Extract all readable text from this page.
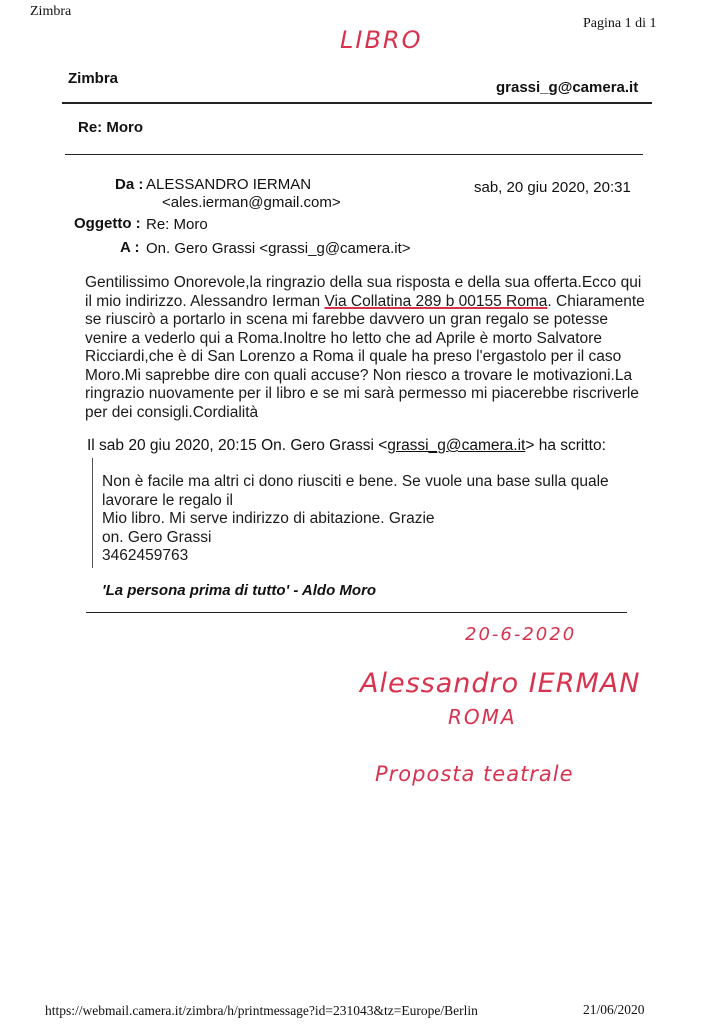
Zimbra
Pagina 1 di 1
LIBRO
Zimbra
grassi_g@camera.it
Re: Moro
Da : ALESSANDRO IERMAN
<ales.ierman@gmail.com>
sab, 20 giu 2020, 20:31
Oggetto : Re: Moro
A : On. Gero Grassi <grassi_g@camera.it>
Gentilissimo Onorevole,la ringrazio della sua risposta e della sua offerta.Ecco qui
il mio indirizzo. Alessandro Ierman Via Collatina 289 b 00155 Roma. Chiaramente
se riuscirò a portarlo in scena mi farebbe davvero un gran regalo se potesse
venire a vederlo qui a Roma.Inoltre ho letto che ad Aprile è morto Salvatore
Ricciardi,che è di San Lorenzo a Roma il quale ha preso l'ergastolo per il caso
Moro.Mi saprebbe dire con quali accuse? Non riesco a trovare le motivazioni.La
ringrazio nuovamente per il libro e se mi sarà permesso mi piacerebbe riscriverle
per dei consigli.Cordialità
Il sab 20 giu 2020, 20:15 On. Gero Grassi <grassi_g@camera.it> ha scritto:
Non è facile ma altri ci dono riusciti e bene. Se vuole una base sulla quale
lavorare le regalo il
Mio libro. Mi serve indirizzo di abitazione. Grazie
on. Gero Grassi
3462459763
'La persona prima di tutto' - Aldo Moro
20-6-2020
Alessandro IERMAN
ROMA
Proposta teatrale
https://webmail.camera.it/zimbra/h/printmessage?id=231043&tz=Europe/Berlin	21/06/2020
